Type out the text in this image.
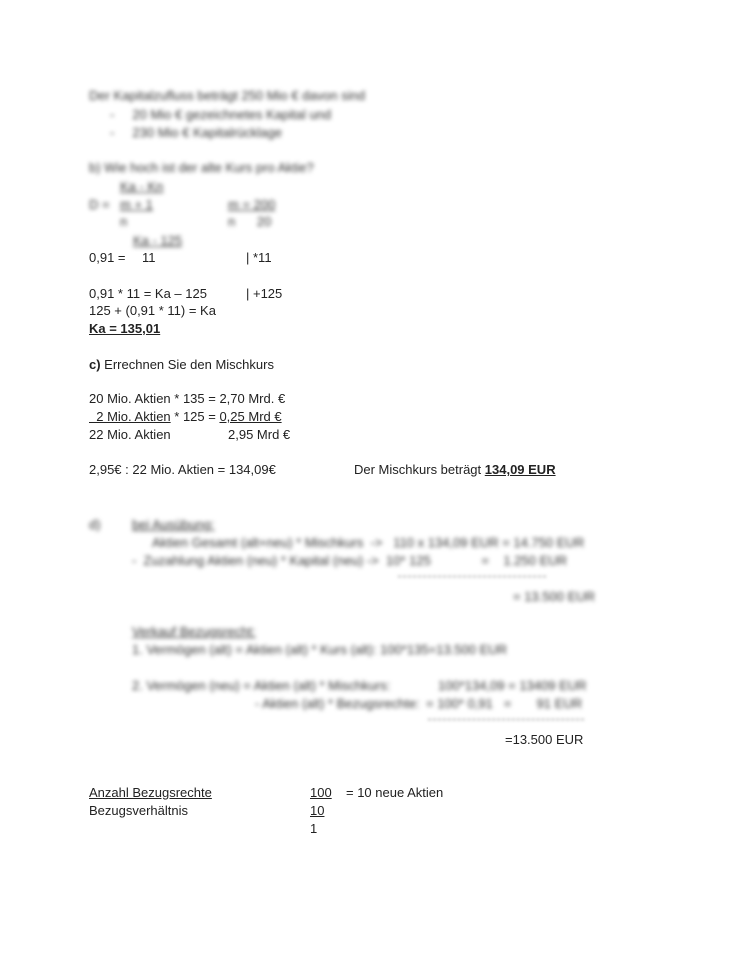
Der Kapitalzufluss beträgt 250 Mio € davon sind
-     20 Mio € gezeichnetes Kapital und
-     230 Mio € Kapitalrücklage
b) Wie hoch ist der alte Kurs pro Aktie?
Ka - Kn
D = m + 1
n
m = 200
n      20
Ka - 125
0,91 = 11	| *11
0,91 * 11 = Ka – 125	| +125
125 + (0,91 * 11) = Ka
Ka = 135,01
c) Errechnen Sie den Mischkurs
20 Mio. Aktien * 135 = 2,70 Mrd. €
2 Mio. Aktien * 125 = 0,25 Mrd €
22 Mio. Aktien	2,95 Mrd €
2,95€ : 22 Mio. Aktien = 134,09€	Der Mischkurs beträgt 134,09 EUR
d) bei Ausübung:
Aktien Gesamt (alt+neu) * Mischkurs  ->   110 x 134,09 EUR = 14.750 EUR
-  Zuzahlung Aktien (neu) * Kapital (neu) ->  10* 125              =    1.250 EUR
= 13.500 EUR
Verkauf Bezugsrecht:
1. Vermögen (alt) = Aktien (alt) * Kurs (alt): 100*135=13.500 EUR
2. Vermögen (neu) = Aktien (alt) * Mischkurs:	100*134,09 = 13409 EUR
- Aktien (alt) * Bezugsrechte: = 100* 0,91   =       91 EUR
=13.500 EUR
Anzahl Bezugsrechte	100 = 10 neue Aktien
Bezugsverhältnis	10
1
